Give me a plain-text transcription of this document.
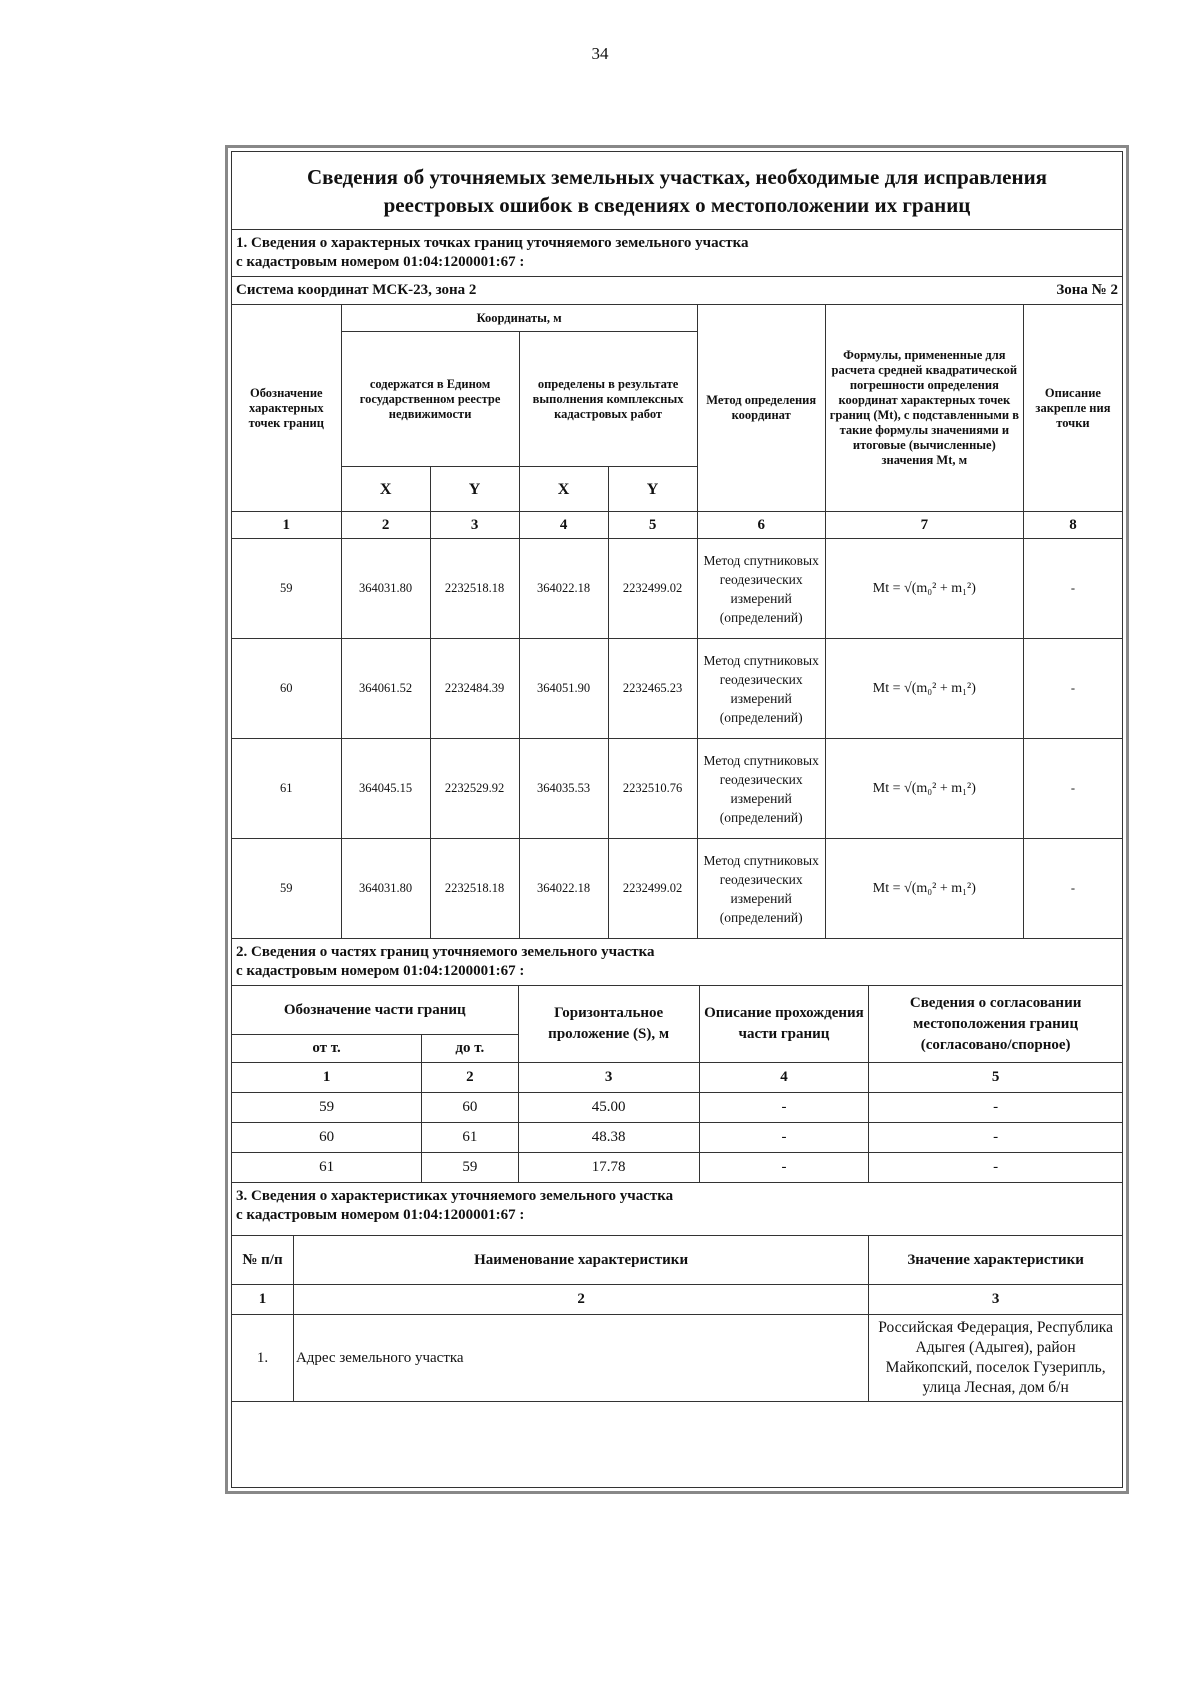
34
Сведения об уточняемых земельных участках, необходимые для исправления
реестровых ошибок в сведениях о местоположении их границ
1. Сведения о характерных точках границ уточняемого земельного участка
с кадастровым номером 01:04:1200001:67 :
Система координат МСК-23, зона 2	Зона № 2
Обозначение характерных точек границ	Координаты, м				Метод определения координат	Формулы, примененные для расчета средней квадратической погрешности определения координат характерных точек границ (Mt), с подставленными в такие формулы значениями и итоговые (вычисленные) значения Mt, м	Описание закрепле ния точки
	содержатся в Едином государственном реестре недвижимости		определены в результате выполнения комплексных кадастровых работ				
	X	Y	X	Y			
1	2	3	4	5	6	7	8
59	364031.80	2232518.18	364022.18	2232499.02	Метод спутниковых геодезических измерений (определений)	Mt = √(m₀² + m₁²)	-
60	364061.52	2232484.39	364051.90	2232465.23	Метод спутниковых геодезических измерений (определений)	Mt = √(m₀² + m₁²)	-
61	364045.15	2232529.92	364035.53	2232510.76	Метод спутниковых геодезических измерений (определений)	Mt = √(m₀² + m₁²)	-
59	364031.80	2232518.18	364022.18	2232499.02	Метод спутниковых геодезических измерений (определений)	Mt = √(m₀² + m₁²)	-
2. Сведения о частях границ уточняемого земельного участка
с кадастровым номером 01:04:1200001:67 :
Обозначение части границ		Горизонтальное проложение (S), м	Описание прохождения части границ	Сведения о согласовании местоположения границ (согласовано/спорное)
от т.	до т.			
1	2	3	4	5
59	60	45.00	-	-
60	61	48.38	-	-
61	59	17.78	-	-
3. Сведения о характеристиках уточняемого земельного участка
с кадастровым номером 01:04:1200001:67 :
№ п/п	Наименование характеристики	Значение характеристики
1	2	3
1.	Адрес земельного участка	Российская Федерация, Республика Адыгея (Адыгея), район Майкопский, поселок Гузерипль, улица Лесная, дом б/н
